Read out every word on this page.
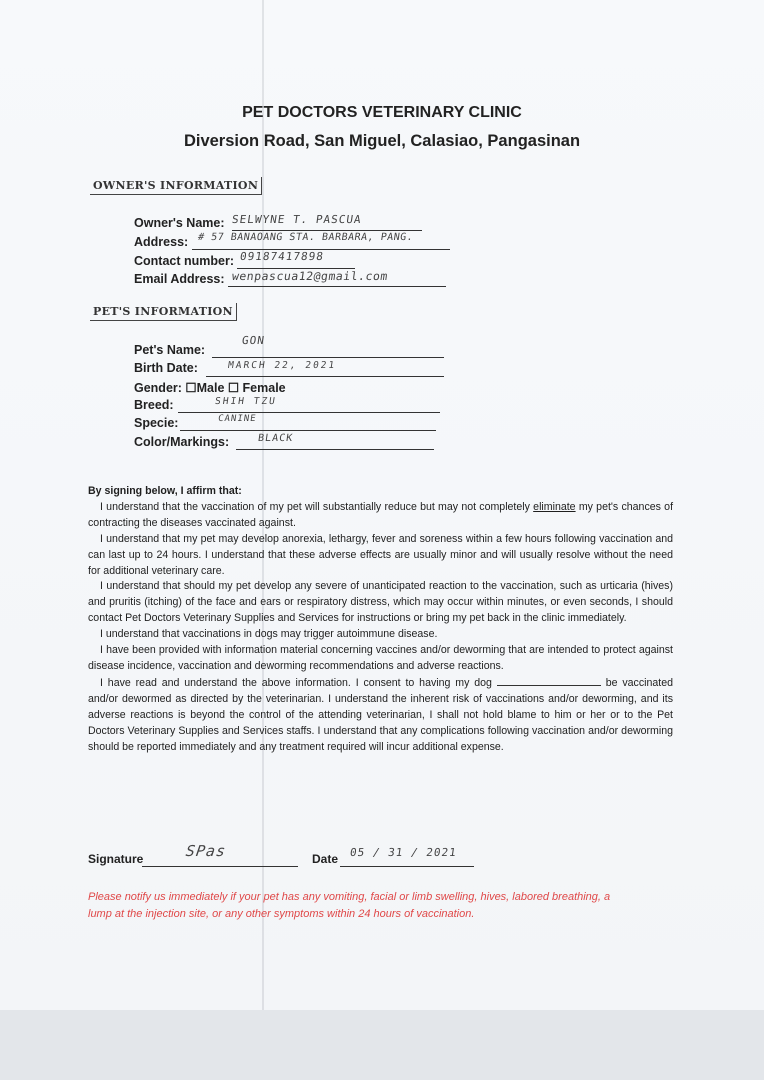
PET DOCTORS VETERINARY CLINIC
Diversion Road, San Miguel, Calasiao, Pangasinan
OWNER'S INFORMATION
Owner's Name: SELWYNE T. PASCUA
Address: # 57 BANAOANG STA. BARBARA, PANG.
Contact number: 09187417898
Email Address: wenpascua12@gmail.com
PET'S INFORMATION
Pet's Name:
GON
Birth Date:	MARCH 22, 2021
Gender: ☐Male ☐ Female
Breed:	SHIH TZU
Specie:	CANINE
Color/Markings:	BLACK

By signing below, I affirm that:

I understand that the vaccination of my pet will substantially reduce but may not completely eliminate my pet's chances of contracting the diseases vaccinated against.

I understand that my pet may develop anorexia, lethargy, fever and soreness within a few hours following vaccination and can last up to 24 hours. I understand that these adverse effects are usually minor and will usually resolve without the need for additional veterinary care.

I understand that should my pet develop any severe of unanticipated reaction to the vaccination, such as urticaria (hives) and pruritis (itching) of the face and ears or respiratory distress, which may occur within minutes, or even seconds, I should contact Pet Doctors Veterinary Supplies and Services for instructions or bring my pet back in the clinic immediately.

I understand that vaccinations in dogs may trigger autoimmune disease.

I have been provided with information material concerning vaccines and/or deworming that are intended to protect against disease incidence, vaccination and deworming recommendations and adverse reactions.

I have read and understand the above information. I consent to having my dog	be vaccinated and/or dewormed as directed by the veterinarian. I understand the inherent risk of vaccinations and/or deworming, and its adverse reactions is beyond the control of the attending veterinarian, I shall not hold blame to him or her or to the Pet Doctors Veterinary Supplies and Services staffs. I understand that any complications following vaccination and/or deworming should be reported immediately and any treatment required will incur additional expense.

Signature	SPas	Date 05 / 31 / 2021
Please notify us immediately if your pet has any vomiting, facial or limb swelling, hives, labored breathing, a lump at the injection site, or any other symptoms within 24 hours of vaccination.
